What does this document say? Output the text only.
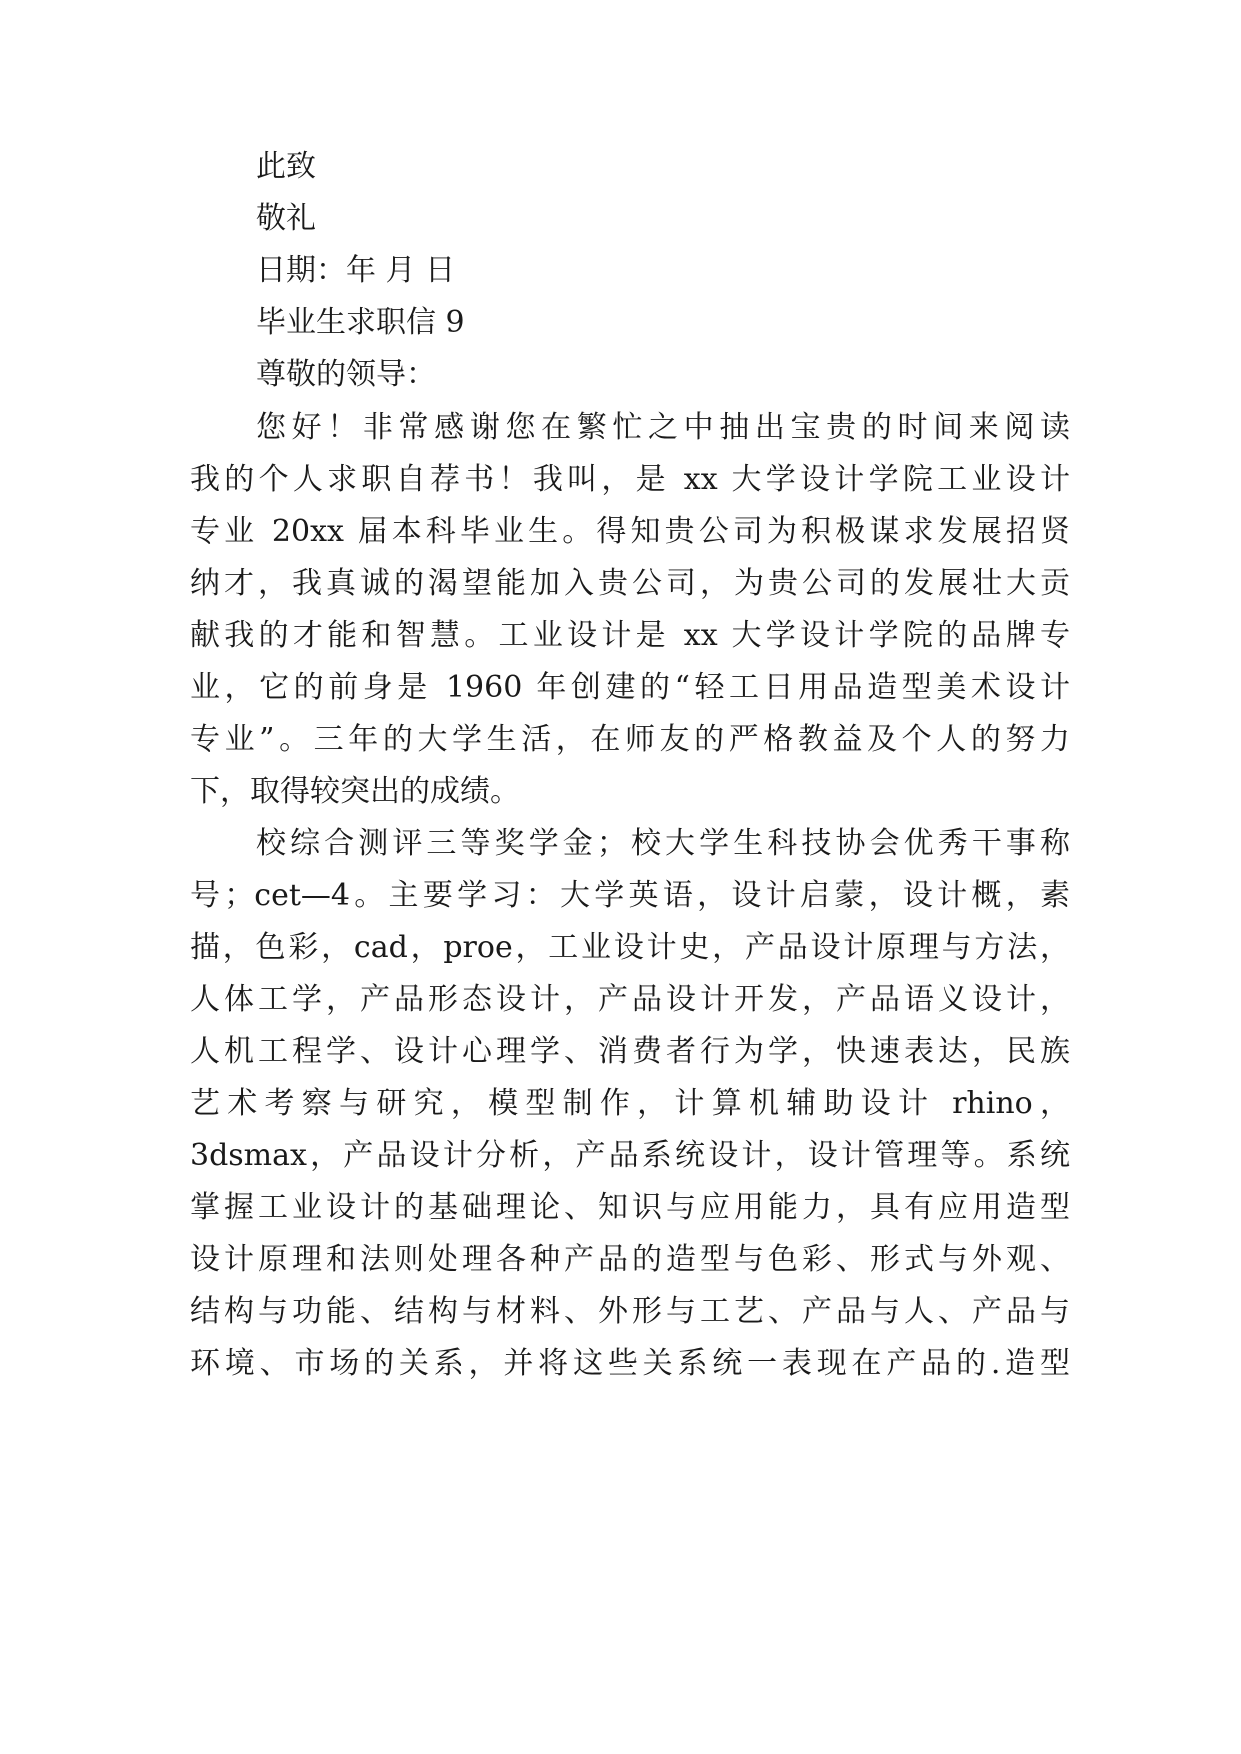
此致
敬礼
日期：年 月 日
毕业生求职信 9
尊敬的领导：
您好！非常感谢您在繁忙之中抽出宝贵的时间来阅读
我的个人求职自荐书！我叫，是 xx 大学设计学院工业设计
专业 20xx 届本科毕业生。得知贵公司为积极谋求发展招贤
纳才，我真诚的渴望能加入贵公司，为贵公司的发展壮大贡
献我的才能和智慧。工业设计是 xx 大学设计学院的品牌专
业，它的前身是 1960 年创建的“轻工日用品造型美术设计
专业”。三年的大学生活，在师友的严格教益及个人的努力
下，取得较突出的成绩。
校综合测评三等奖学金；校大学生科技协会优秀干事称
号；cet—4。主要学习：大学英语，设计启蒙，设计概，素
描，色彩，cad，proe，工业设计史，产品设计原理与方法，
人体工学，产品形态设计，产品设计开发，产品语义设计，
人机工程学、设计心理学、消费者行为学，快速表达，民族
艺术考察与研究，模型制作，计算机辅助设计 rhino，
3dsmax，产品设计分析，产品系统设计，设计管理等。系统
掌握工业设计的基础理论、知识与应用能力，具有应用造型
设计原理和法则处理各种产品的造型与色彩、形式与外观、
结构与功能、结构与材料、外形与工艺、产品与人、产品与
环境、市场的关系，并将这些关系统一表现在产品的.造型
